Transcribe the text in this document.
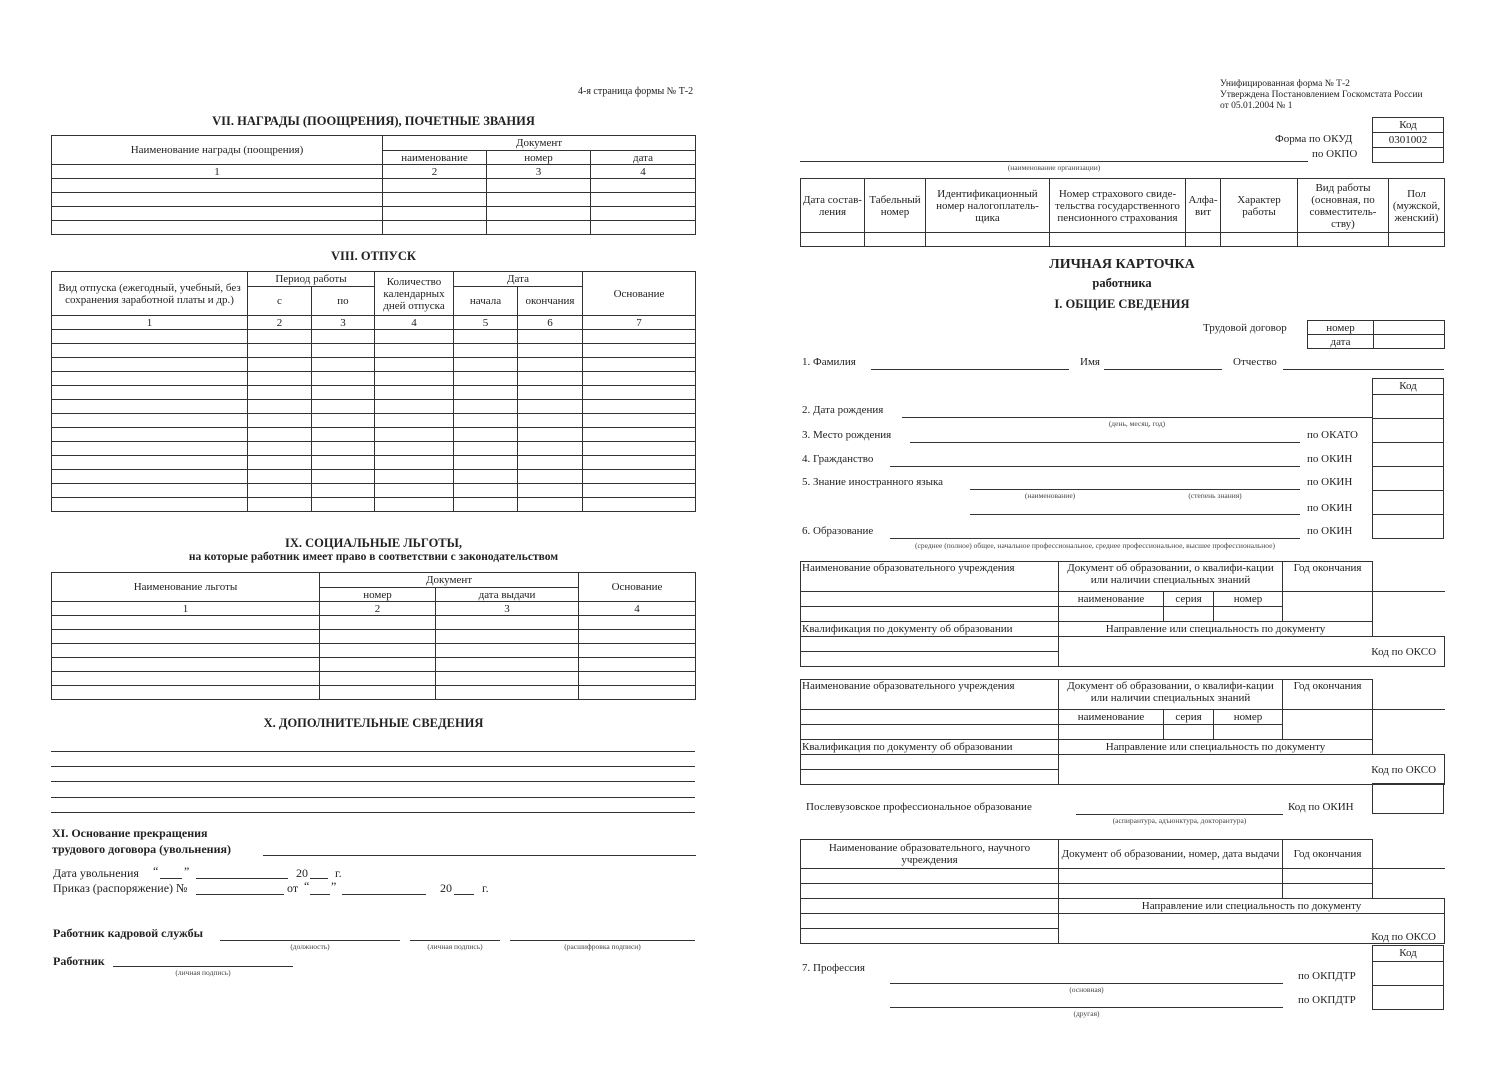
4-я страница формы № Т-2
VII. НАГРАДЫ (ПООЩРЕНИЯ), ПОЧЕТНЫЕ ЗВАНИЯ
Наименование награды (поощрения)	Документ		
	наименование	номер	дата
1	2	3	4

VIII. ОТПУСК
Вид отпуска (ежегодный, учебный, без сохранения заработной платы и др.)	Период работы		Количество календарных дней отпуска	Дата		Основание
	с	по		начала	окончания	
1	2	3	4	5	6	7

IX. СОЦИАЛЬНЫЕ ЛЬГОТЫ,
на которые работник имеет право в соответствии с законодательством
Наименование льготы	Документ		Основание
	номер	дата выдачи	
1	2	3	4

X. ДОПОЛНИТЕЛЬНЫЕ СВЕДЕНИЯ
XI. Основание прекращения
трудового договора (увольнения)
Дата увольнения “ ”	20 г.
Приказ (распоряжение) №	от “ ”	20	г.
Работник кадровой службы
(должность)	(личная подпись)	(расшифровка подписи)
Работник
(личная подпись)
Унифицированная форма № Т-2
Утверждена Постановлением Госкомстата России
от 05.01.2004 № 1
Код
0301002
Форма по ОКУД
по ОКПО
(наименование организации)
Дата состав-ления	Табельный номер	Идентификационный номер налогоплатель-щика	Номер страхового свиде-тельства государственного пенсионного страхования	Алфа-вит	Характер работы	Вид работы (основная, по совместитель-ству)	Пол (мужской, женский)

ЛИЧНАЯ КАРТОЧКА
работника
I. ОБЩИЕ СВЕДЕНИЯ
Трудовой договор	номер	
дата	
1. Фамилия	Имя	Отчество
Код
2. Дата рождения
(день, месяц, год)
3. Место рождения	по ОКАТО
4. Гражданство	по ОКИН
5. Знание иностранного языка
(наименование)	(степень знания)
по ОКИН
по ОКИН
6. Образование
(среднее (полное) общее, начальное профессиональное, среднее профессиональное, высшее профессиональное)
по ОКИН
Наименование образовательного учреждения	Документ об образовании, о квалифи-кации или наличии специальных знаний			Год окончания	
	наименование	серия	номер		

Квалификация по документу об образовании	Направление или специальность по документу				
	Код по ОКСО				

Наименование образовательного учреждения	Документ об образовании, о квалифи-кации или наличии специальных знаний			Год окончания	
	наименование	серия	номер		

Квалификация по документу об образовании	Направление или специальность по документу				
	Код по ОКСО				

Послевузовское профессиональное образование
(аспирантура, адъюнктура, докторантура)
Код по ОКИН
Наименование образовательного, научного учреждения	Документ об образовании, номер, дата выдачи	Год окончания	

	Направление или специальность по документу		
	Код по ОКСО		

Код
7. Профессия
(основная)
по ОКПДТР
(другая)
по ОКПДТР
